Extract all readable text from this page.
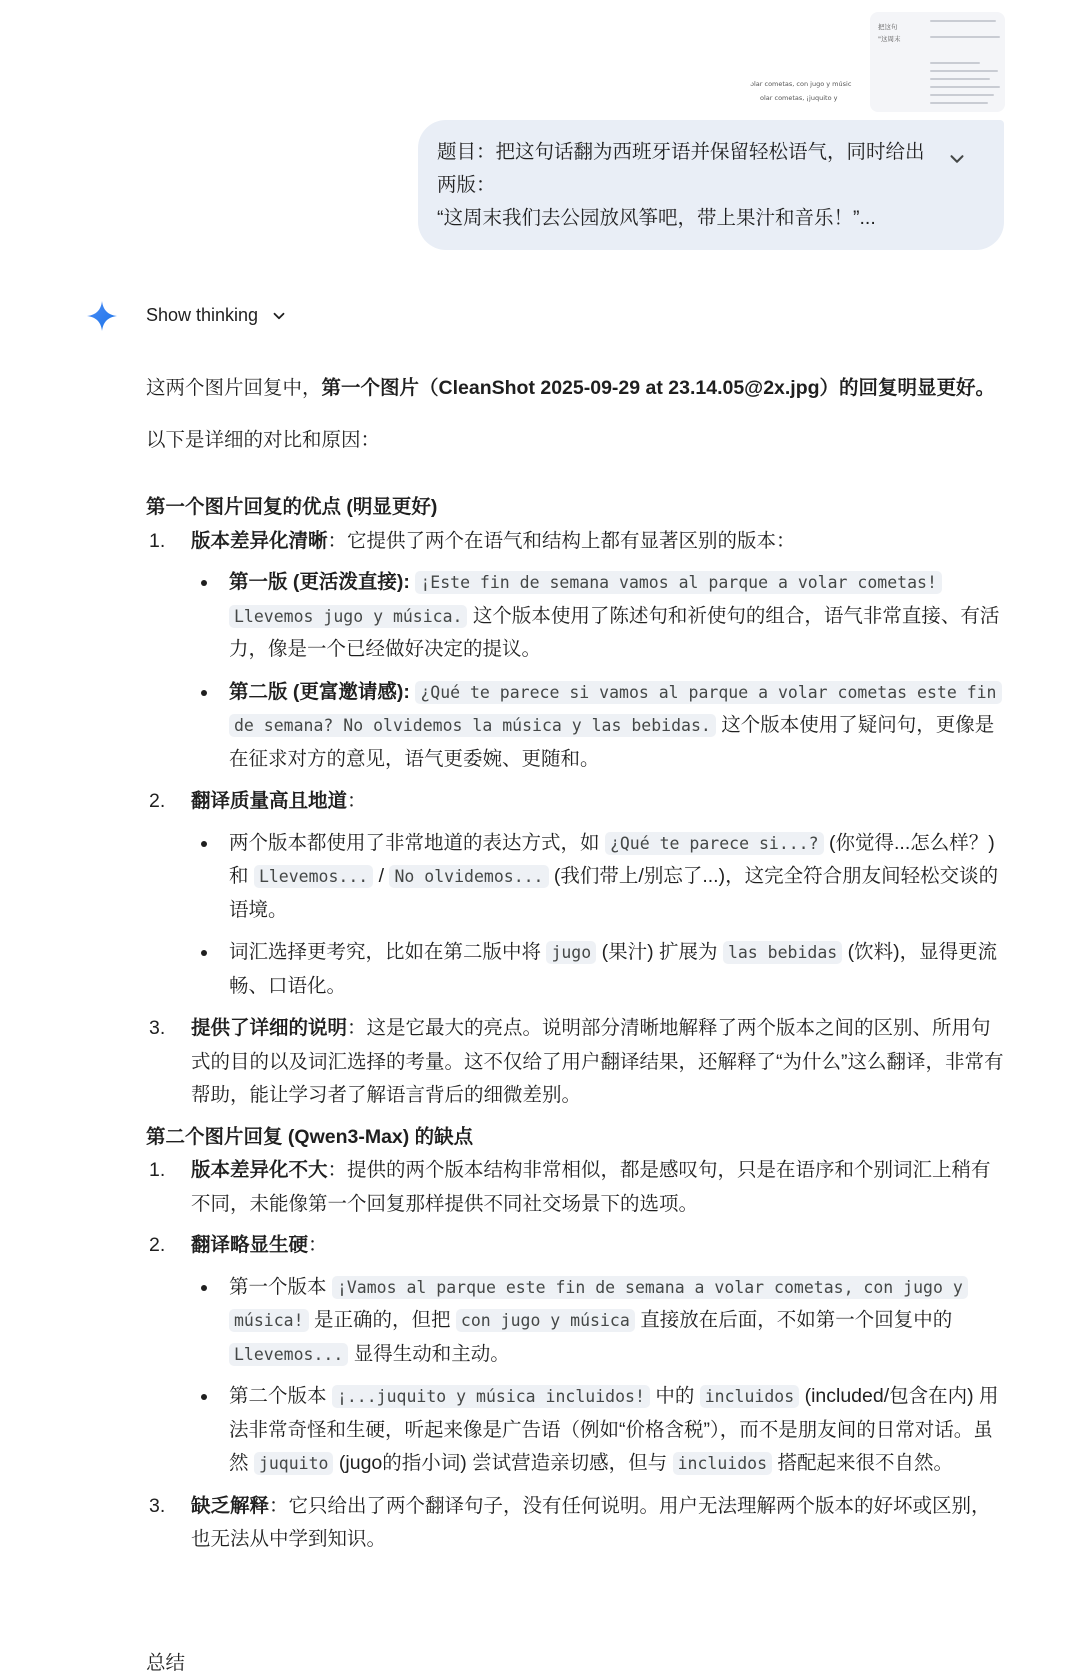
把这句
"这周末
olar cometas, con jugo y músic
olar cometas, ¡juquito y
题目：把这句话翻为西班牙语并保留轻松语气，同时给出
两版：
“这周末我们去公园放风筝吧，带上果汁和音乐！”...
Show thinking

这两个图片回复中，第一个图片（CleanShot 2025-09-29 at 23.14.05@2x.jpg）的回复明显更好。

以下是详细的对比和原因：

第一个图片回复的优点 (明显更好)

1. 版本差异化清晰：它提供了两个在语气和结构上都有显著区别的版本：
第一版 (更活泼直接): ¡Este fin de semana vamos al parque a volar cometas! Llevemos jugo y música. 这个版本使用了陈述句和祈使句的组合，语气非常直接、有活力，像是一个已经做好决定的提议。
第二版 (更富邀请感): ¿Qué te parece si vamos al parque a volar cometas este fin de semana? No olvidemos la música y las bebidas. 这个版本使用了疑问句，更像是在征求对方的意见，语气更委婉、更随和。
2. 翻译质量高且地道：
两个版本都使用了非常地道的表达方式，如 ¿Qué te parece si...? (你觉得...怎么样？) 和 Llevemos... / No olvidemos... (我们带上/别忘了...)，这完全符合朋友间轻松交谈的语境。
词汇选择更考究，比如在第二版中将 jugo (果汁) 扩展为 las bebidas (饮料)，显得更流畅、口语化。
3. 提供了详细的说明：这是它最大的亮点。说明部分清晰地解释了两个版本之间的区别、所用句式的目的以及词汇选择的考量。这不仅给了用户翻译结果，还解释了“为什么”这么翻译，非常有帮助，能让学习者了解语言背后的细微差别。

第二个图片回复 (Qwen3-Max) 的缺点

1. 版本差异化不大：提供的两个版本结构非常相似，都是感叹句，只是在语序和个别词汇上稍有不同，未能像第一个回复那样提供不同社交场景下的选项。
2. 翻译略显生硬：
第一个版本 ¡Vamos al parque este fin de semana a volar cometas, con jugo y música! 是正确的，但把 con jugo y música 直接放在后面，不如第一个回复中的 Llevemos... 显得生动和主动。
第二个版本 ¡...juquito y música incluidos! 中的 incluidos (included/包含在内) 用法非常奇怪和生硬，听起来像是广告语（例如“价格含税”），而不是朋友间的日常对话。虽然 juquito (jugo的指小词) 尝试营造亲切感，但与 incluidos 搭配起来很不自然。
3. 缺乏解释：它只给出了两个翻译句子，没有任何说明。用户无法理解两个版本的好坏或区别，也无法从中学到知识。
总结
